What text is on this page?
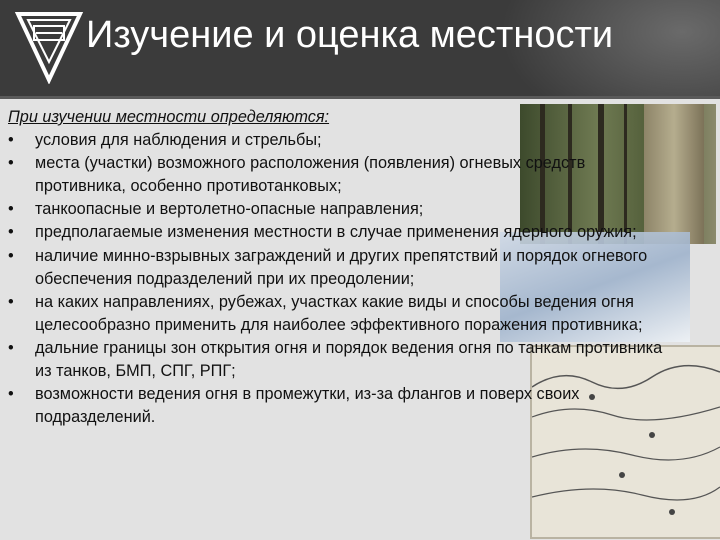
Изучение и оценка местности
При изучении местности определяются:
• условия для наблюдения и стрельбы;
• места (участки) возможного расположения (появления) огневых средств противника, особенно противотанковых;
• танкоопасные и вертолетно-опасные направления;
• предполагаемые изменения местности в случае применения ядерного оружия;
• наличие минно-взрывных заграждений и других препятствий и порядок огневого обеспечения подразделений при их преодолении;
• на каких направлениях, рубежах, участках какие виды и способы ведения огня целесообразно применить для наиболее эффективного поражения противника;
• дальние границы зон открытия огня и порядок ведения огня по танкам противника из танков, БМП, СПГ, РПГ;
• возможности ведения огня в промежутки, из-за флангов и поверх своих подразделений.
